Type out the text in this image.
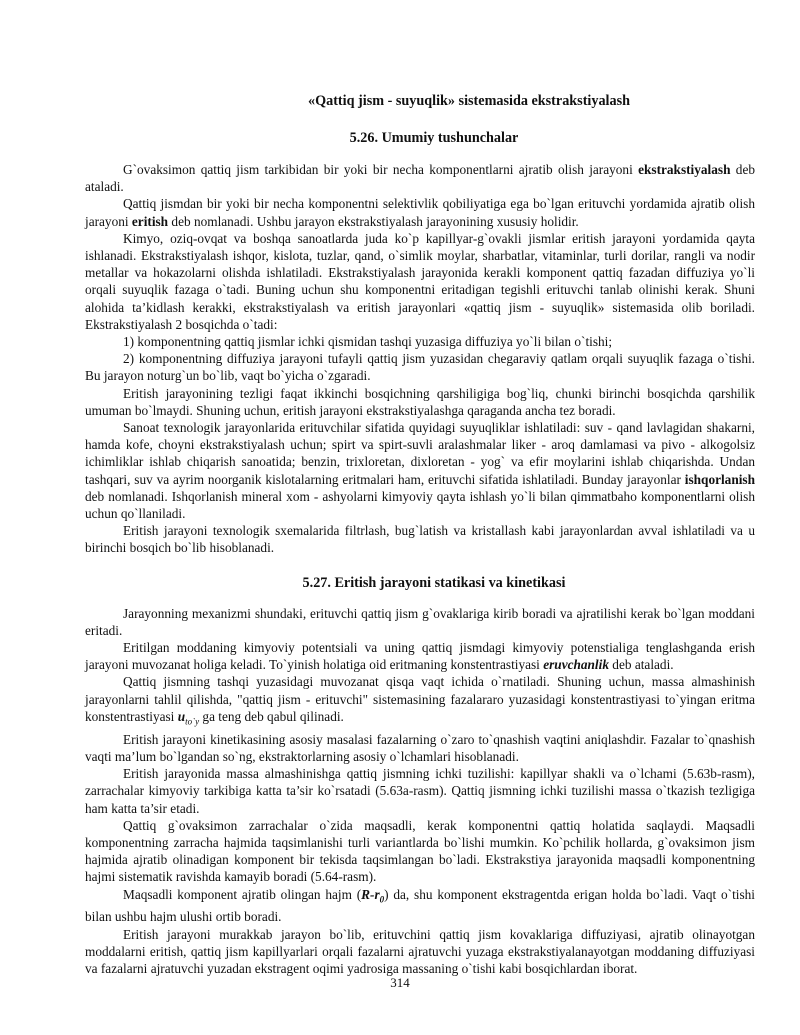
«Qattiq jism - suyuqlik» sistemasida ekstrakstiyalash
5.26. Umumiy tushunchalar

G`ovaksimon qattiq jism tarkibidan bir yoki bir necha komponentlarni ajratib olish jarayoni ekstrakstiyalash deb ataladi.

Qattiq jismdan bir yoki bir necha komponentni selektivlik qobiliyatiga ega bo`lgan erituvchi yordamida ajratib olish jarayoni eritish deb nomlanadi. Ushbu jarayon ekstrakstiyalash jarayonining xususiy holidir.

Kimyo, oziq-ovqat va boshqa sanoatlarda juda ko`p kapillyar-g`ovakli jismlar eritish jarayoni yordamida qayta ishlanadi. Ekstrakstiyalash ishqor, kislota, tuzlar, qand, o`simlik moylar, sharbatlar, vitaminlar, turli dorilar, rangli va nodir metallar va hokazolarni olishda ishlatiladi. Ekstrakstiyalash jarayonida kerakli komponent qattiq fazadan diffuziya yo`li orqali suyuqlik fazaga o`tadi. Buning uchun shu komponentni eritadigan tegishli erituvchi tanlab olinishi kerak. Shuni alohida ta’kidlash kerakki, ekstrakstiyalash va eritish jarayonlari «qattiq jism - suyuqlik» sistemasida olib boriladi. Ekstrakstiyalash 2 bosqichda o`tadi:

1) komponentning qattiq jismlar ichki qismidan tashqi yuzasiga diffuziya yo`li bilan o`tishi;

2) komponentning diffuziya jarayoni tufayli qattiq jism yuzasidan chegaraviy qatlam orqali suyuqlik fazaga o`tishi. Bu jarayon noturg`un bo`lib, vaqt bo`yicha o`zgaradi.

Eritish jarayonining tezligi faqat ikkinchi bosqichning qarshiligiga bog`liq, chunki birinchi bosqichda qarshilik umuman bo`lmaydi. Shuning uchun, eritish jarayoni ekstrakstiyalashga qaraganda ancha tez boradi.

Sanoat texnologik jarayonlarida erituvchilar sifatida quyidagi suyuqliklar ishlatiladi: suv - qand lavlagidan shakarni, hamda kofe, choyni ekstrakstiyalash uchun; spirt va spirt-suvli aralashmalar liker - aroq damlamasi va pivo - alkogolsiz ichimliklar ishlab chiqarish sanoatida; benzin, trixloretan, dixloretan - yog` va efir moylarini ishlab chiqarishda. Undan tashqari, suv va ayrim noorganik kislotalarning eritmalari ham, erituvchi sifatida ishlatiladi. Bunday jarayonlar ishqorlanish deb nomlanadi. Ishqorlanish mineral xom - ashyolarni kimyoviy qayta ishlash yo`li bilan qimmatbaho komponentlarni olish uchun qo`llaniladi.

Eritish jarayoni texnologik sxemalarida filtrlash, bug`latish va kristallash kabi jarayonlardan avval ishlatiladi va u birinchi bosqich bo`lib hisoblanadi.

5.27. Eritish jarayoni statikasi va kinetikasi

Jarayonning mexanizmi shundaki, erituvchi qattiq jism g`ovaklariga kirib boradi va ajratilishi kerak bo`lgan moddani eritadi.

Eritilgan moddaning kimyoviy potentsiali va uning qattiq jismdagi kimyoviy potenstialiga tenglashganda erish jarayoni muvozanat holiga keladi. To`yinish holatiga oid eritmaning konstentrastiyasi eruvchanlik deb ataladi.

Qattiq jismning tashqi yuzasidagi muvozanat qisqa vaqt ichida o`rnatiladi. Shuning uchun, massa almashinish jarayonlarni tahlil qilishda, "qattiq jism - erituvchi" sistemasining fazalararo yuzasidagi konstentrastiyasi to`yingan eritma konstentrastiyasi $u_{to`y}$ ga teng deb qabul qilinadi.

Eritish jarayoni kinetikasining asosiy masalasi fazalarning o`zaro to`qnashish vaqtini aniqlashdir. Fazalar to`qnashish vaqti ma’lum bo`lgandan so`ng, ekstraktorlarning asosiy o`lchamlari hisoblanadi.

Eritish jarayonida massa almashinishga qattiq jismning ichki tuzilishi: kapillyar shakli va o`lchami (5.63b-rasm), zarrachalar kimyoviy tarkibiga katta ta’sir ko`rsatadi (5.63a-rasm). Qattiq jismning ichki tuzilishi massa o`tkazish tezligiga ham katta ta’sir etadi.

Qattiq g`ovaksimon zarrachalar o`zida maqsadli, kerak komponentni qattiq holatida saqlaydi. Maqsadli komponentning zarracha hajmida taqsimlanishi turli variantlarda bo`lishi mumkin. Ko`pchilik hollarda, g`ovaksimon jism hajmida ajratib olinadigan komponent bir tekisda taqsimlangan bo`ladi. Ekstrakstiya jarayonida maqsadli komponentning hajmi sistematik ravishda kamayib boradi (5.64-rasm).

Maqsadli komponent ajratib olingan hajm $(R-r_0)$ da, shu komponent ekstragentda erigan holda bo`ladi. Vaqt o`tishi bilan ushbu hajm ulushi ortib boradi.

Eritish jarayoni murakkab jarayon bo`lib, erituvchini qattiq jism kovaklariga diffuziyasi, ajratib olinayotgan moddalarni eritish, qattiq jism kapillyarlari orqali fazalarni ajratuvchi yuzaga ekstrakstiyalanayotgan moddaning diffuziyasi va fazalarni ajratuvchi yuzadan ekstragent oqimi yadrosiga massaning o`tishi kabi bosqichlardan iborat.

314
